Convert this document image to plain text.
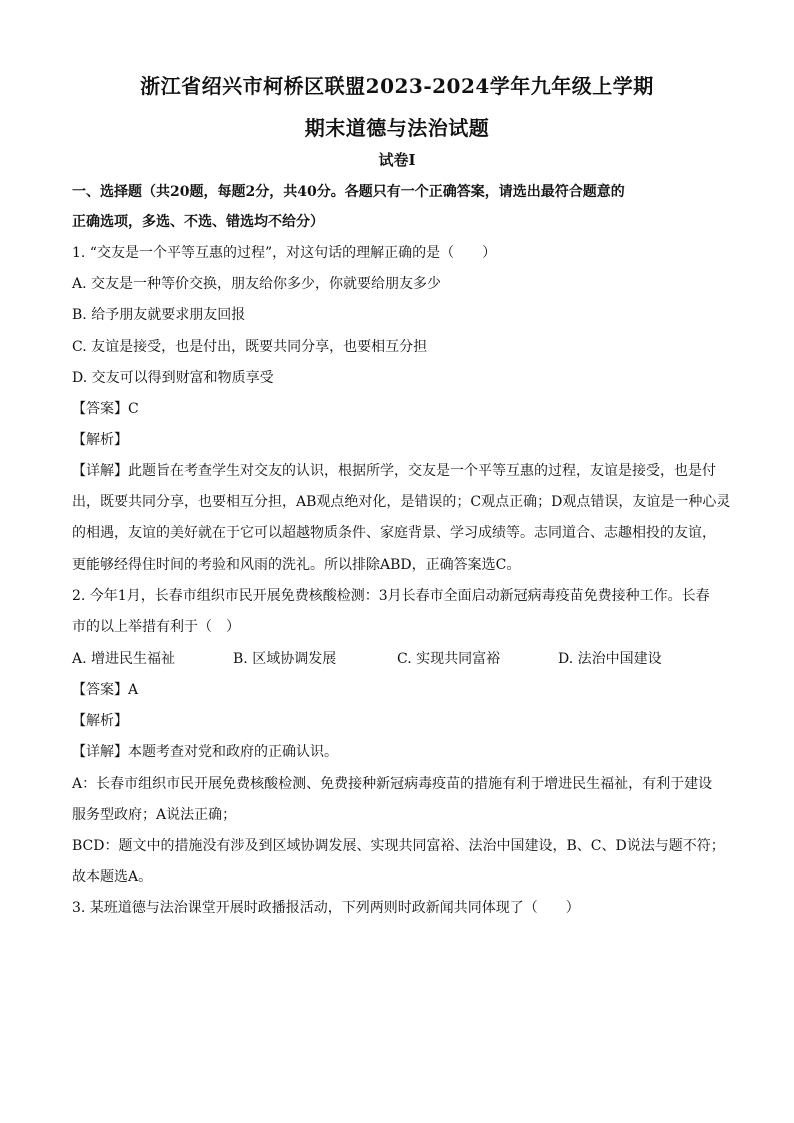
浙江省绍兴市柯桥区联盟2023-2024学年九年级上学期
期末道德与法治试题
试卷Ⅰ
一、选择题（共20题，每题2分，共40分。各题只有一个正确答案，请选出最符合题意的
正确选项，多选、不选、错选均不给分）
1. “交友是一个平等互惠的过程”，对这句话的理解正确的是（　　）
A. 交友是一种等价交换，朋友给你多少，你就要给朋友多少
B. 给予朋友就要求朋友回报
C. 友谊是接受，也是付出，既要共同分享，也要相互分担
D. 交友可以得到财富和物质享受
【答案】C
【解析】
【详解】此题旨在考查学生对交友的认识，根据所学，交友是一个平等互惠的过程，友谊是接受，也是付
出，既要共同分享，也要相互分担，AB观点绝对化，是错误的；C观点正确；D观点错误，友谊是一种心灵
的相遇，友谊的美好就在于它可以超越物质条件、家庭背景、学习成绩等。志同道合、志趣相投的友谊，
更能够经得住时间的考验和风雨的洗礼。所以排除ABD，正确答案选C。
2. 今年1月，长春市组织市民开展免费核酸检测：3月长春市全面启动新冠病毒疫苗免费接种工作。长春
市的以上举措有利于（　）
A. 增进民生福祉	B. 区域协调发展	C. 实现共同富裕	D. 法治中国建设
【答案】A
【解析】
【详解】本题考查对党和政府的正确认识。
A：长春市组织市民开展免费核酸检测、免费接种新冠病毒疫苗的措施有利于增进民生福祉，有利于建设
服务型政府；A说法正确；
BCD：题文中的措施没有涉及到区域协调发展、实现共同富裕、法治中国建设，B、C、D说法与题不符；
故本题选A。
3. 某班道德与法治课堂开展时政播报活动，下列两则时政新闻共同体现了（　　）
